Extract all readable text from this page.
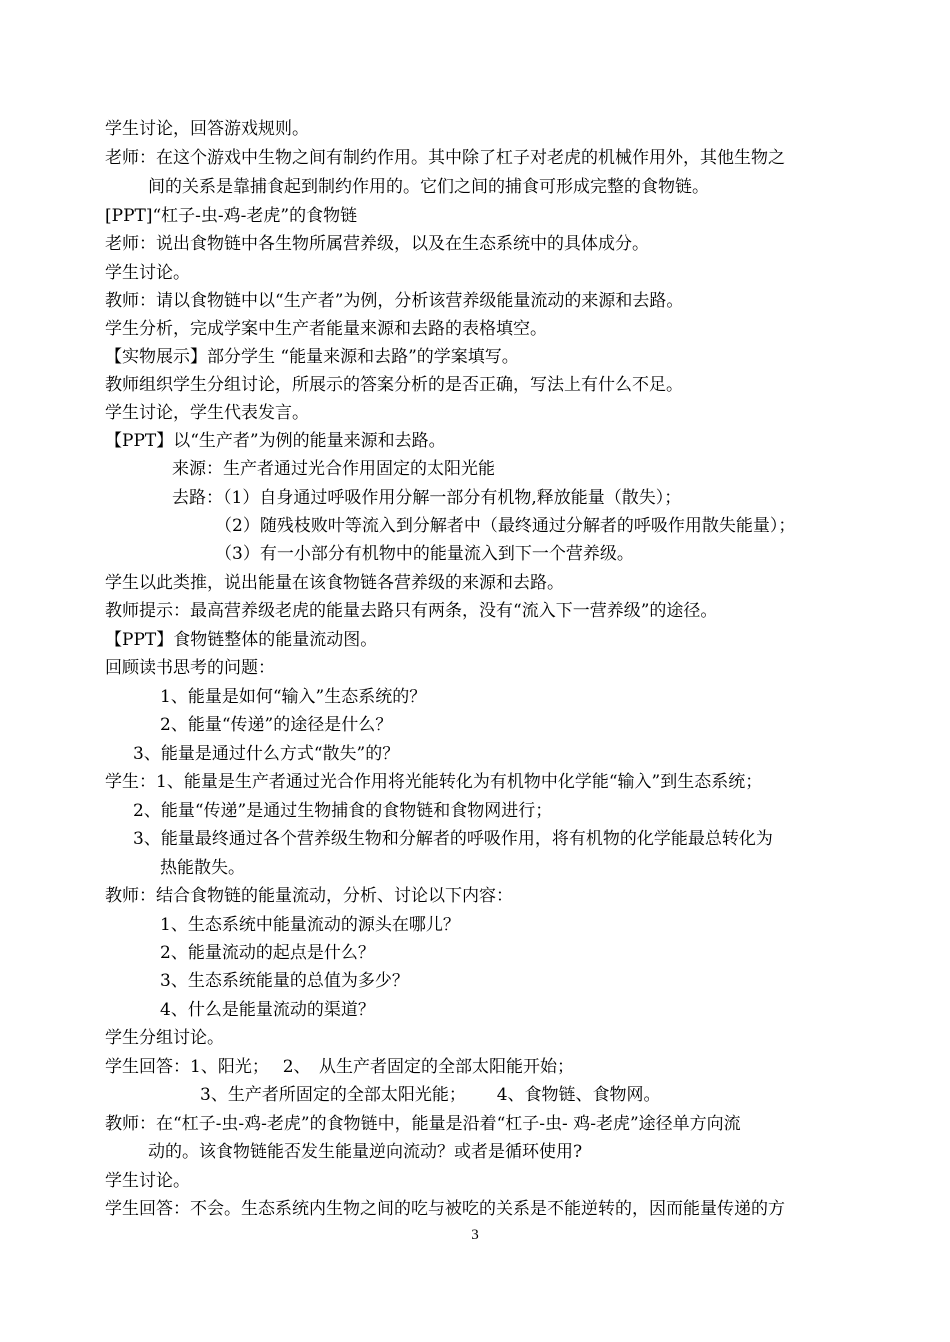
学生讨论，回答游戏规则。
老师：在这个游戏中生物之间有制约作用。其中除了杠子对老虎的机械作用外，其他生物之
间的关系是靠捕食起到制约作用的。它们之间的捕食可形成完整的食物链。
[PPT]“杠子-虫-鸡-老虎”的食物链
老师：说出食物链中各生物所属营养级，以及在生态系统中的具体成分。
学生讨论。
教师：请以食物链中以“生产者”为例，分析该营养级能量流动的来源和去路。
学生分析，完成学案中生产者能量来源和去路的表格填空。
【实物展示】部分学生 “能量来源和去路”的学案填写。
教师组织学生分组讨论，所展示的答案分析的是否正确，写法上有什么不足。
学生讨论，学生代表发言。
【PPT】以“生产者”为例的能量来源和去路。
来源：生产者通过光合作用固定的太阳光能
去路：（1）自身通过呼吸作用分解一部分有机物,释放能量（散失）；
（2）随残枝败叶等流入到分解者中（最终通过分解者的呼吸作用散失能量）；
（3）有一小部分有机物中的能量流入到下一个营养级。
学生以此类推，说出能量在该食物链各营养级的来源和去路。
教师提示：最高营养级老虎的能量去路只有两条，没有“流入下一营养级”的途径。
【PPT】食物链整体的能量流动图。
回顾读书思考的问题：
1、能量是如何“输入”生态系统的？
2、能量“传递”的途径是什么？
3、能量是通过什么方式“散失”的？
学生：1、能量是生产者通过光合作用将光能转化为有机物中化学能“输入”到生态系统；
2、能量“传递”是通过生物捕食的食物链和食物网进行；
3、能量最终通过各个营养级生物和分解者的呼吸作用，将有机物的化学能最总转化为
热能散失。
教师：结合食物链的能量流动，分析、讨论以下内容：
1、生态系统中能量流动的源头在哪儿？
2、能量流动的起点是什么？
3、生态系统能量的总值为多少？
4、什么是能量流动的渠道？
学生分组讨论。
学生回答：1、阳光；　 2、　从生产者固定的全部太阳能开始；
3、生产者所固定的全部太阳光能；　　 4、食物链、食物网。
教师：在“杠子-虫-鸡-老虎”的食物链中，能量是沿着“杠子-虫- 鸡-老虎”途径单方向流
动的。该食物链能否发生能量逆向流动？或者是循环使用?
学生讨论。
学生回答：不会。生态系统内生物之间的吃与被吃的关系是不能逆转的，因而能量传递的方
3
